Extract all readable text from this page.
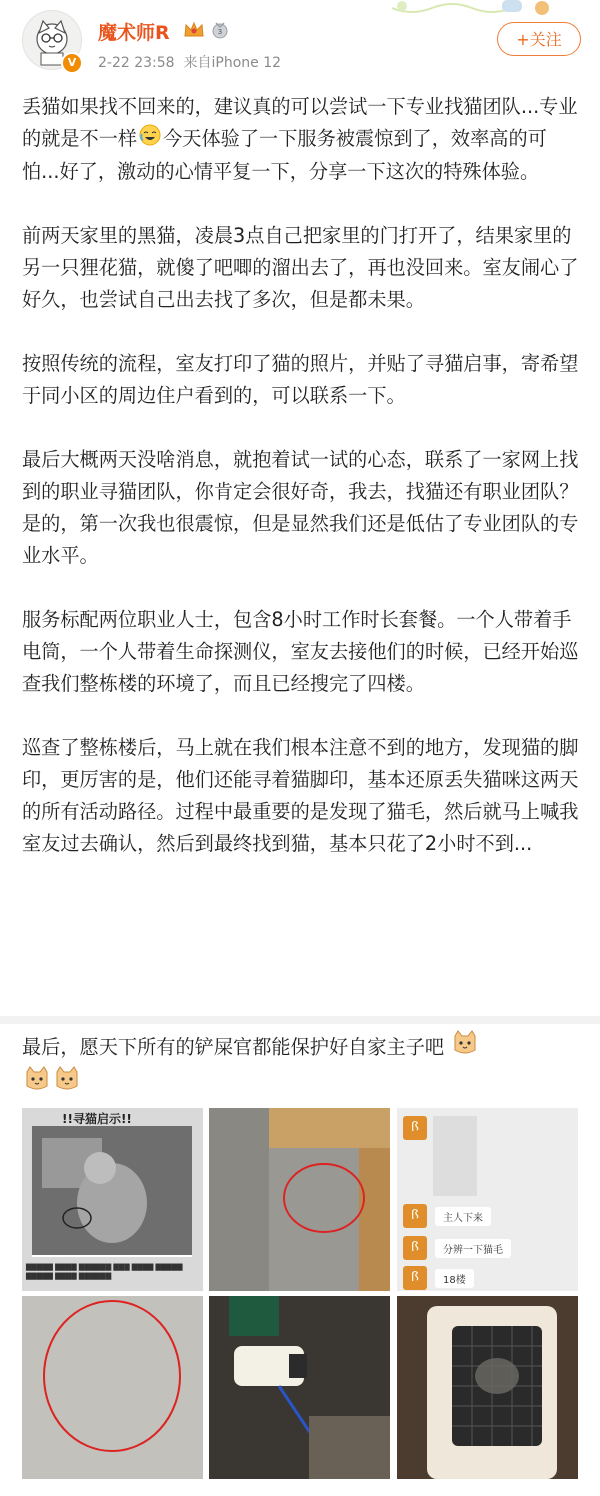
V
魔术师R	3
2-22 23:58 来自iPhone 12
+关注

丢猫如果找不回来的，建议真的可以尝试一下专业找猫团队...专业的就是不一样 今天体验了一下服务被震惊到了，效率高的可怕...好了，激动的心情平复一下，分享一下这次的特殊体验。

前两天家里的黑猫，凌晨3点自己把家里的门打开了，结果家里的另一只狸花猫，就傻了吧唧的溜出去了，再也没回来。室友闹心了好久，也尝试自己出去找了多次，但是都未果。

按照传统的流程，室友打印了猫的照片，并贴了寻猫启事，寄希望于同小区的周边住户看到的，可以联系一下。

最后大概两天没啥消息，就抱着试一试的心态，联系了一家网上找到的职业寻猫团队，你肯定会很好奇，我去，找猫还有职业团队？是的，第一次我也很震惊，但是显然我们还是低估了专业团队的专业水平。

服务标配两位职业人士，包含8小时工作时长套餐。一个人带着手电筒，一个人带着生命探测仪，室友去接他们的时候，已经开始巡查我们整栋楼的环境了，而且已经搜完了四楼。

巡查了整栋楼后，马上就在我们根本注意不到的地方，发现猫的脚印，更厉害的是，他们还能寻着猫脚印，基本还原丢失猫咪这两天的所有活动路径。过程中最重要的是发现了猫毛，然后就马上喊我室友过去确认，然后到最终找到猫，基本只花了2小时不到...

最后，愿天下所有的铲屎官都能保护好自家主子吧

!!寻猫启示!!
▇▇▇▇▇ ▇▇▇▇ ▇▇▇▇▇▇ ▇▇▇ ▇▇▇▇ ▇▇▇▇▇ ▇▇▇▇▇ ▇▇▇▇ ▇▇▇▇▇▇
ꟗ
ꟗ	主人下来
ꟗ	分辨一下猫毛
ꟗ	18楼
